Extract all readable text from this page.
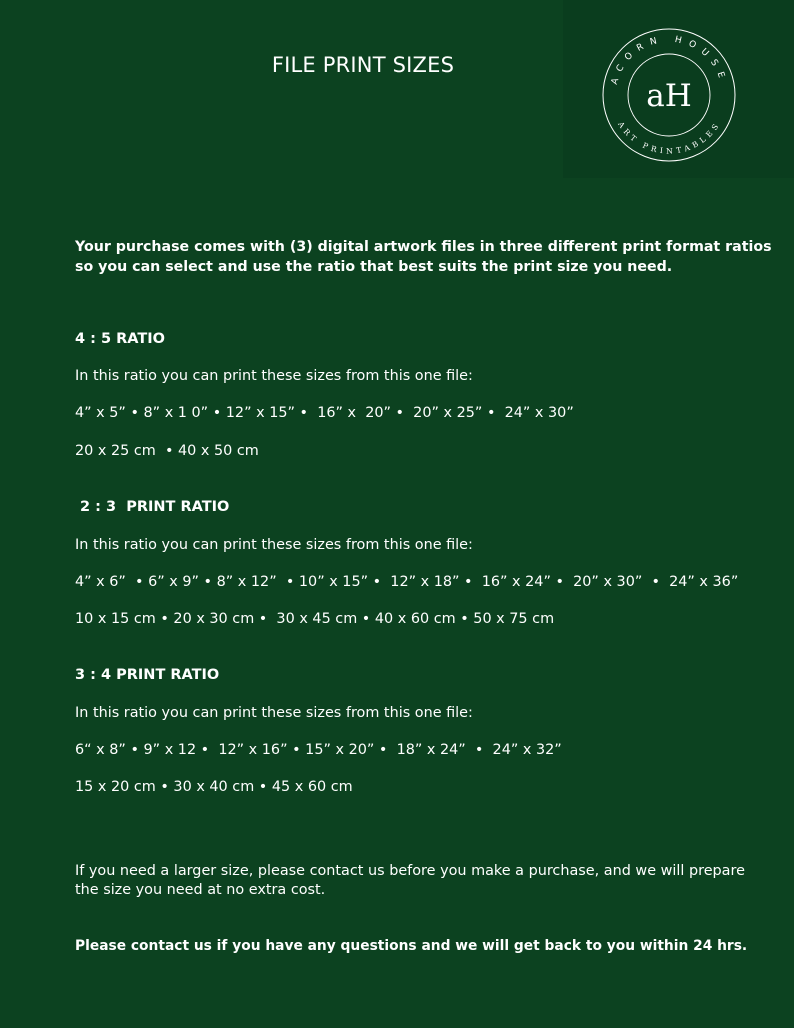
ACORN HOUSE
ART PRINTABLES
aH
FILE PRINT SIZES
Your purchase comes with (3) digital artwork files in three different print format ratios so you can select and use the ratio that best suits the print size you need.
4 : 5 RATIO
In this ratio you can print these sizes from this one file:
4” x 5” • 8” x 1 0” • 12” x 15” •  16” x  20” •  20” x 25” •  24” x 30”
20 x 25 cm  • 40 x 50 cm
2 : 3  PRINT RATIO
In this ratio you can print these sizes from this one file:
4” x 6”  • 6” x 9” • 8” x 12”  • 10” x 15” •  12” x 18” •  16” x 24” •  20” x 30”  •  24” x 36”
10 x 15 cm • 20 x 30 cm •  30 x 45 cm • 40 x 60 cm • 50 x 75 cm
3 : 4 PRINT RATIO
In this ratio you can print these sizes from this one file:
6“ x 8” • 9” x 12 •  12” x 16” • 15” x 20” •  18” x 24”  •  24” x 32”
15 x 20 cm • 30 x 40 cm • 45 x 60 cm
If you need a larger size, please contact us before you make a purchase, and we will prepare the size you need at no extra cost.
Please contact us if you have any questions and we will get back to you within 24 hrs.
